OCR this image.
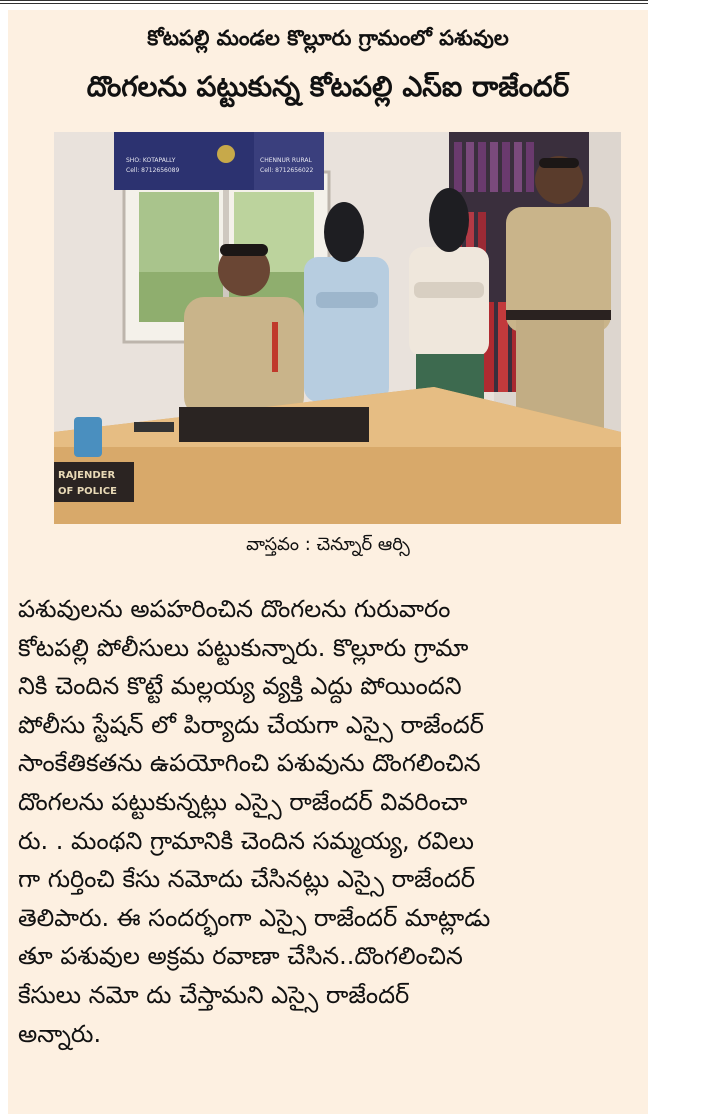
కోటపల్లి మండల కొల్లూరు గ్రామంలో పశువుల
దొంగలను పట్టుకున్న కోటపల్లి ఎస్ఐ రాజేందర్
SHO: KOTAPALLY
Cell: 8712656089
CHENNUR RURAL
Cell: 8712656022
RAJENDER
OF POLICE
వాస్తవం : చెన్నూర్ ఆర్సి
పశువులను అపహరించిన దొంగలను గురువారం
కోటపల్లి పోలీసులు పట్టుకున్నారు. కొల్లూరు గ్రామా
నికి చెందిన కొట్టే మల్లయ్య వ్యక్తి ఎద్దు పోయిందని
పోలీసు స్టేషన్ లో పిర్యాదు చేయగా ఎస్సై రాజేందర్
సాంకేతికతను ఉపయోగించి పశువును దొంగలించిన
దొంగలను పట్టుకున్నట్లు ఎస్సై రాజేందర్ వివరించా
రు. . మంథని గ్రామానికి చెందిన సమ్మయ్య, రవిలు
గా గుర్తించి కేసు నమోదు చేసినట్లు ఎస్సై రాజేందర్
తెలిపారు. ఈ సందర్భంగా ఎస్సై రాజేందర్ మాట్లాడు
తూ పశువుల అక్రమ రవాణా చేసిన..దొంగలించిన
కేసులు నమో దు చేస్తామని ఎస్సై రాజేందర్
అన్నారు.
